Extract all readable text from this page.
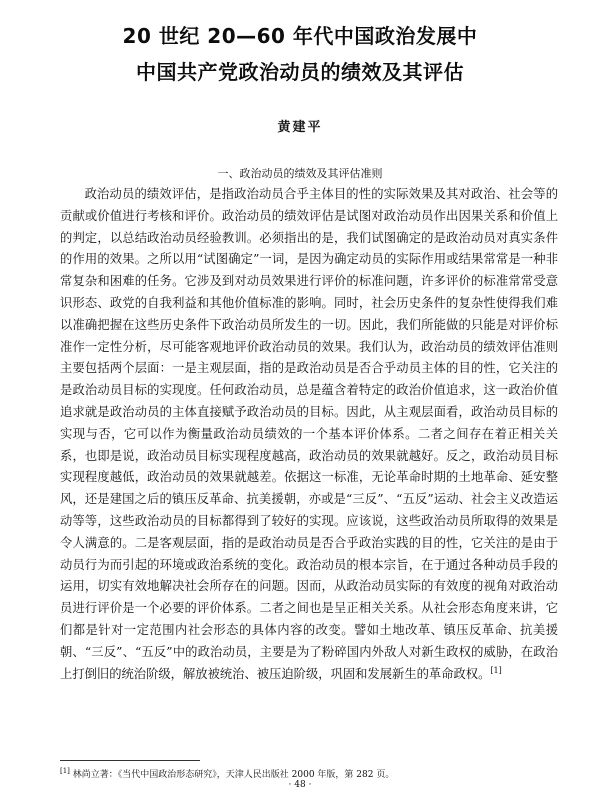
20 世纪 20—60 年代中国政治发展中
中国共产党政治动员的绩效及其评估
黄建平
一、政治动员的绩效及其评估准则

政治动员的绩效评估，是指政治动员合乎主体目的性的实际效果及其对政治、社会等的贡献或价值进行考核和评价。政治动员的绩效评估是试图对政治动员作出因果关系和价值上的判定，以总结政治动员经验教训。必须指出的是，我们试图确定的是政治动员对真实条件的作用的效果。之所以用“试图确定”一词，是因为确定动员的实际作用或结果常常是一种非常复杂和困难的任务。它涉及到对动员效果进行评价的标准问题，许多评价的标准常常受意识形态、政党的自我利益和其他价值标准的影响。同时，社会历史条件的复杂性使得我们难以准确把握在这些历史条件下政治动员所发生的一切。因此，我们所能做的只能是对评价标准作一定性分析，尽可能客观地评价政治动员的效果。我们认为，政治动员的绩效评估准则主要包括两个层面：一是主观层面，指的是政治动员是否合乎动员主体的目的性，它关注的是政治动员目标的实现度。任何政治动员，总是蕴含着特定的政治价值追求，这一政治价值追求就是政治动员的主体直接赋予政治动员的目标。因此，从主观层面看，政治动员目标的实现与否，它可以作为衡量政治动员绩效的一个基本评价体系。二者之间存在着正相关关系，也即是说，政治动员目标实现程度越高，政治动员的效果就越好。反之，政治动员目标实现程度越低，政治动员的效果就越差。依据这一标准，无论革命时期的土地革命、延安整风，还是建国之后的镇压反革命、抗美援朝，亦或是“三反”、“五反”运动、社会主义改造运动等等，这些政治动员的目标都得到了较好的实现。应该说，这些政治动员所取得的效果是令人满意的。二是客观层面，指的是政治动员是否合乎政治实践的目的性，它关注的是由于动员行为而引起的环境或政治系统的变化。政治动员的根本宗旨，在于通过各种动员手段的运用，切实有效地解决社会所存在的问题。因而，从政治动员实际的有效度的视角对政治动员进行评价是一个必要的评价体系。二者之间也是呈正相关关系。从社会形态角度来讲，它们都是针对一定范围内社会形态的具体内容的改变。譬如土地改革、镇压反革命、抗美援朝、“三反”、“五反”中的政治动员，主要是为了粉碎国内外敌人对新生政权的威胁，在政治上打倒旧的统治阶级，解放被统治、被压迫阶级，巩固和发展新生的革命政权。[1]

[1] 林尚立著：《当代中国政治形态研究》，天津人民出版社 2000 年版，第 282 页。

· 48 ·
